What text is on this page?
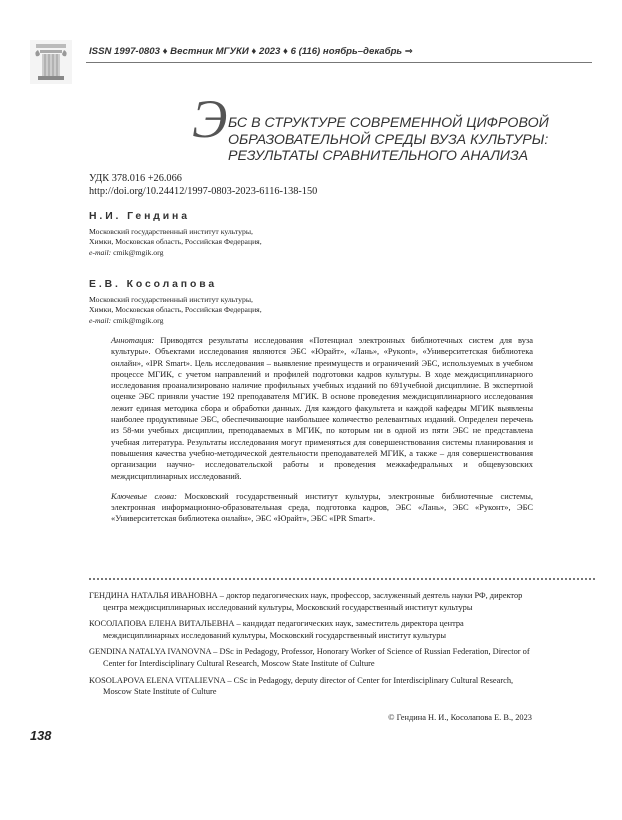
ISSN 1997-0803 ♦ Вестник МГУКИ ♦ 2023 ♦ 6 (116) ноябрь–декабрь ⇒
Э БС В СТРУКТУРЕ СОВРЕМЕННОЙ ЦИФРОВОЙ
ОБРАЗОВАТЕЛЬНОЙ СРЕДЫ ВУЗА КУЛЬТУРЫ:
РЕЗУЛЬТАТЫ СРАВНИТЕЛЬНОГО АНАЛИЗА
УДК 378.016 +26.066
http://doi.org/10.24412/1997-0803-2023-6116-138-150
Н.И. Гендина
Московский государственный институт культуры,
Химки, Московская область, Российская Федерация,
e-mail: cmik@mgik.org
Е.В. Косолапова
Московский государственный институт культуры,
Химки, Московская область, Российская Федерация,
e-mail: cmik@mgik.org

Аннотация: Приводятся результаты исследования «Потенциал электронных библиотечных систем для вуза культуры». Объектами исследования являются ЭБС «Юрайт», «Лань», «Рукont», «Университетская библиотека онлайн», «IPR Smart». Цель исследования – выявление преимуществ и ограничений ЭБС, используемых в учебном процессе МГИК, с учетом направлений и профилей подготовки кадров культуры. В ходе междисциплинарного исследования проанализировано наличие профильных учебных изданий по 691учебной дисциплине. В экспертной оценке ЭБС приняли участие 192 преподавателя МГИК. В основе проведения междисциплинарного исследования лежит единая методика сбора и обработки данных. Для каждого факультета и каждой кафедры МГИК выявлены наиболее продуктивные ЭБС, обеспечивающие наибольшее количество релевантных изданий. Определен перечень из 58-ми учебных дисциплин, преподаваемых в МГИК, по которым ни в одной из пяти ЭБС не представлена учебная литература. Результаты исследования могут применяться для совершенствования системы планирования и повышения качества учебно-методической деятельности преподавателей МГИК, а также – для совершенствования организации научно- исследовательской работы и проведения межкафедральных и общевузовских междисциплинарных исследований.

Ключевые слова: Московский государственный институт культуры, электронные библиотечные системы, электронная информационно-образовательная среда, подготовка кадров, ЭБС «Лань», ЭБС «Руконт», ЭБС «Университетская библиотека онлайн», ЭБС «Юрайт», ЭБС «IPR Smart».

ГЕНДИНА НАТАЛЬЯ ИВАНОВНА – доктор педагогических наук, профессор, заслуженный деятель науки РФ, директор центра междисциплинарных исследований культуры, Московский государственный институт культуры

КОСОЛАПОВА ЕЛЕНА ВИТАЛЬЕВНА – кандидат педагогических наук, заместитель директора центра междисциплинарных исследований культуры, Московский государственный институт культуры

GENDINA NATALYA IVANOVNA – DSc in Pedagogy, Professor, Honorary Worker of Science of Russian Federation, Director of Center for Interdisciplinary Cultural Research, Moscow State Institute of Culture

KOSOLAPOVA ELENA VITALIEVNA – CSc in Pedagogy, deputy director of Center for Interdisciplinary Cultural Research, Moscow State Institute of Culture

© Гендина Н. И., Косолапова Е. В., 2023
138
